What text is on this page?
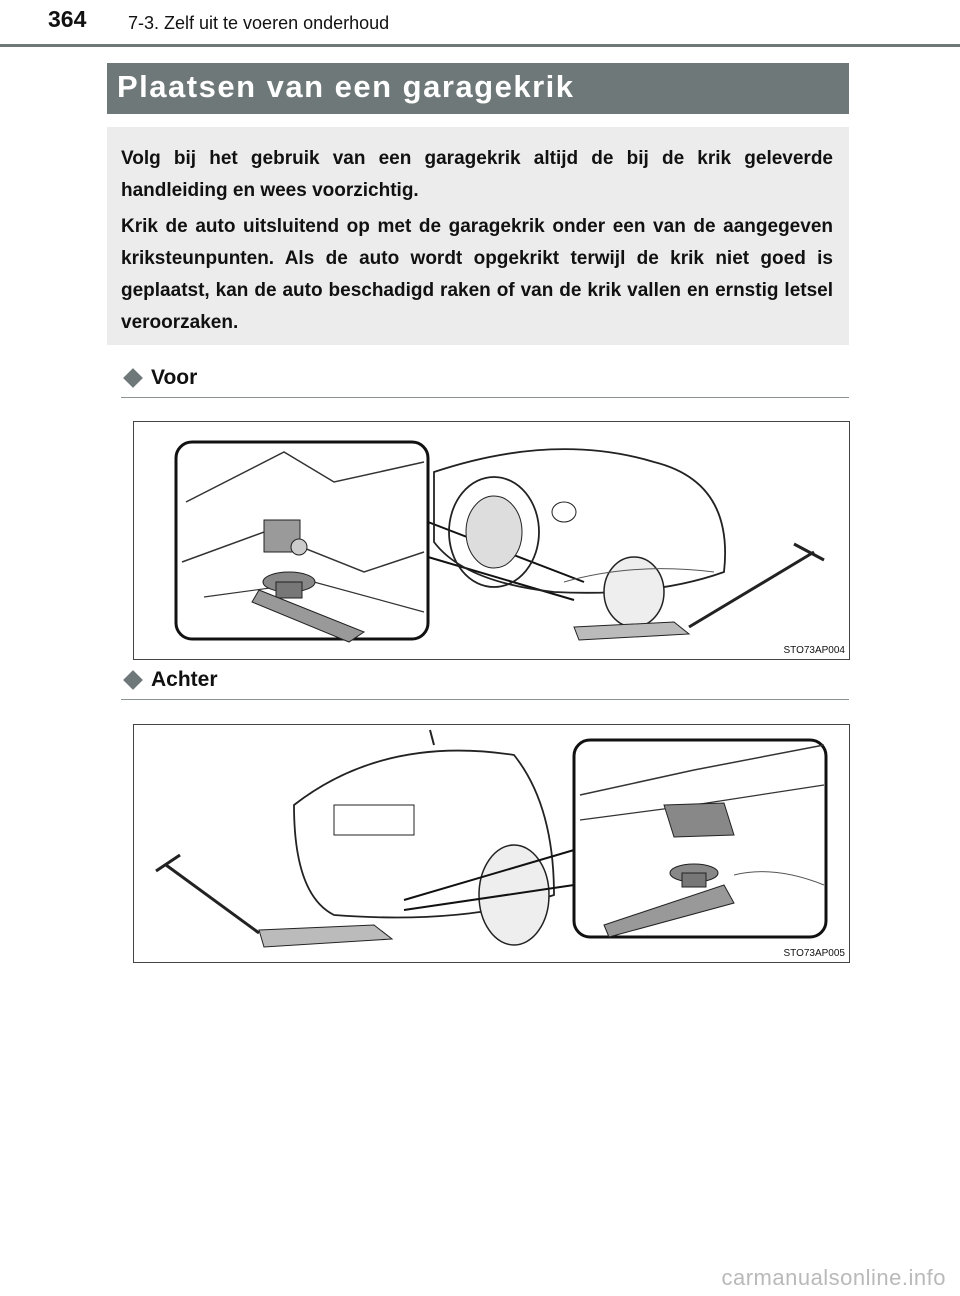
364 7-3. Zelf uit te voeren onderhoud
Plaatsen van een garagekrik

Volg bij het gebruik van een garagekrik altijd de bij de krik geleverde handleiding en wees voorzichtig.

Krik de auto uitsluitend op met de garagekrik onder een van de aangegeven kriksteunpunten. Als de auto wordt opgekrikt terwijl de krik niet goed is geplaatst, kan de auto beschadigd raken of van de krik vallen en ernstig letsel veroorzaken.

Voor
STO73AP004
Achter
STO73AP005
carmanualsonline.info
